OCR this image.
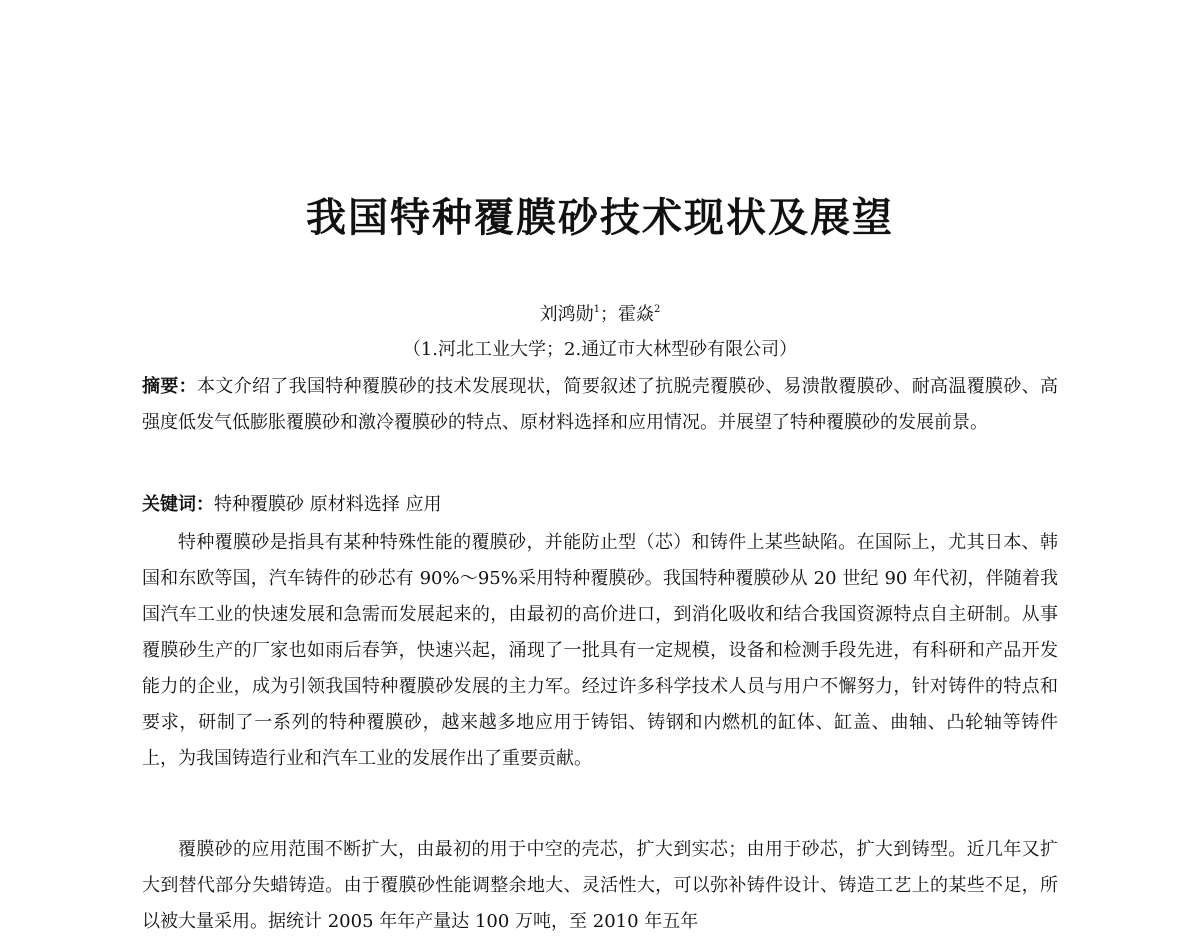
我国特种覆膜砂技术现状及展望
刘鸿勋$^1$；霍焱$^2$
（1.河北工业大学；2.通辽市大林型砂有限公司）
摘要：本文介绍了我国特种覆膜砂的技术发展现状，简要叙述了抗脱壳覆膜砂、易溃散覆膜砂、耐高温覆膜砂、高强度低发气低膨胀覆膜砂和激冷覆膜砂的特点、原材料选择和应用情况。并展望了特种覆膜砂的发展前景。
关键词：特种覆膜砂 原材料选择 应用
特种覆膜砂是指具有某种特殊性能的覆膜砂，并能防止型（芯）和铸件上某些缺陷。在国际上，尤其日本、韩国和东欧等国，汽车铸件的砂芯有 90%～95%采用特种覆膜砂。我国特种覆膜砂从 20 世纪 90 年代初，伴随着我国汽车工业的快速发展和急需而发展起来的，由最初的高价进口，到消化吸收和结合我国资源特点自主研制。从事覆膜砂生产的厂家也如雨后春笋，快速兴起，涌现了一批具有一定规模，设备和检测手段先进，有科研和产品开发能力的企业，成为引领我国特种覆膜砂发展的主力军。经过许多科学技术人员与用户不懈努力，针对铸件的特点和要求，研制了一系列的特种覆膜砂，越来越多地应用于铸铝、铸钢和内燃机的缸体、缸盖、曲轴、凸轮轴等铸件上，为我国铸造行业和汽车工业的发展作出了重要贡献。
覆膜砂的应用范围不断扩大，由最初的用于中空的壳芯，扩大到实芯；由用于砂芯，扩大到铸型。近几年又扩大到替代部分失蜡铸造。由于覆膜砂性能调整余地大、灵活性大，可以弥补铸件设计、铸造工艺上的某些不足，所以被大量采用。据统计 2005 年年产量达 100 万吨，至 2010 年五年
